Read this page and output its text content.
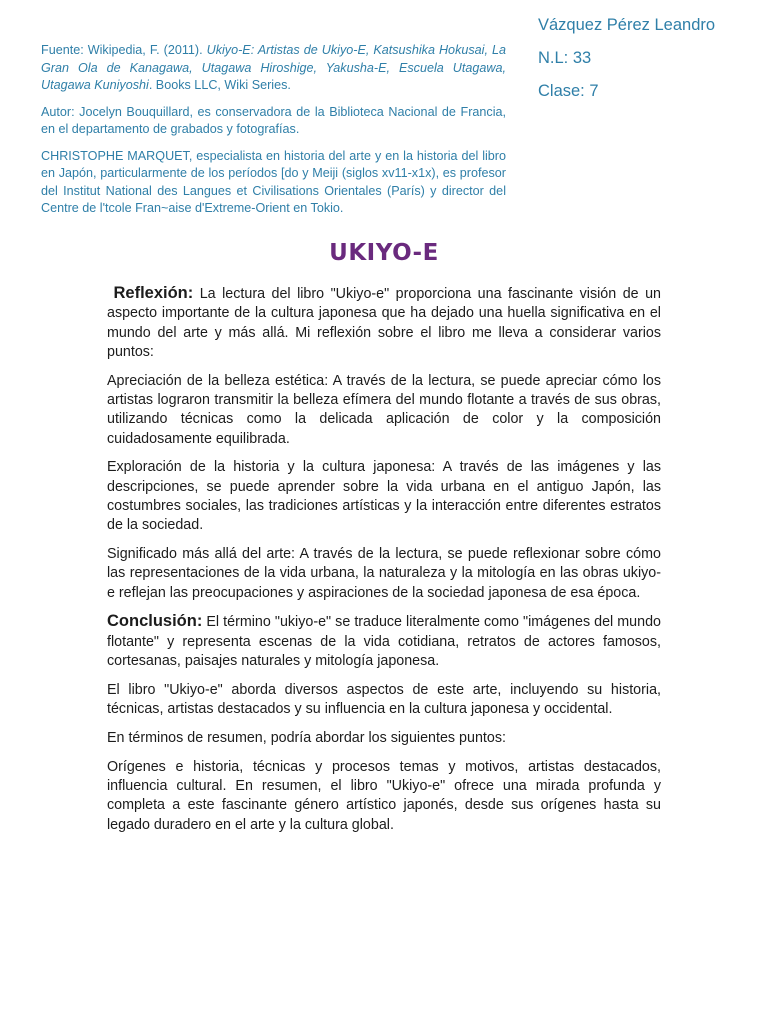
Fuente: Wikipedia, F. (2011). Ukiyo-E: Artistas de Ukiyo-E, Katsushika Hokusai, La Gran Ola de Kanagawa, Utagawa Hiroshige, Yakusha-E, Escuela Utagawa, Utagawa Kuniyoshi. Books LLC, Wiki Series.

Autor: Jocelyn Bouquillard, es conservadora de la Biblioteca Nacional de Francia, en el departamento de grabados y fotografías.

CHRISTOPHE MARQUET, especialista en historia del arte y en la historia del libro en Japón, particularmente de los períodos [do y Meiji (siglos xv11-x1x), es profesor del Institut National des Langues et Civilisations Orientales (París) y director del Centre de l'tcole Fran~aise d'Extreme-Orient en Tokio.

Vázquez Pérez Leandro
N.L: 33
Clase: 7
UKIYO-E

Reflexión: La lectura del libro "Ukiyo-e" proporciona una fascinante visión de un aspecto importante de la cultura japonesa que ha dejado una huella significativa en el mundo del arte y más allá. Mi reflexión sobre el libro me lleva a considerar varios puntos:

Apreciación de la belleza estética: A través de la lectura, se puede apreciar cómo los artistas lograron transmitir la belleza efímera del mundo flotante a través de sus obras, utilizando técnicas como la delicada aplicación de color y la composición cuidadosamente equilibrada.

Exploración de la historia y la cultura japonesa: A través de las imágenes y las descripciones, se puede aprender sobre la vida urbana en el antiguo Japón, las costumbres sociales, las tradiciones artísticas y la interacción entre diferentes estratos de la sociedad.

Significado más allá del arte: A través de la lectura, se puede reflexionar sobre cómo las representaciones de la vida urbana, la naturaleza y la mitología en las obras ukiyo-e reflejan las preocupaciones y aspiraciones de la sociedad japonesa de esa época.

Conclusión: El término "ukiyo-e" se traduce literalmente como "imágenes del mundo flotante" y representa escenas de la vida cotidiana, retratos de actores famosos, cortesanas, paisajes naturales y mitología japonesa.

El libro "Ukiyo-e" aborda diversos aspectos de este arte, incluyendo su historia, técnicas, artistas destacados y su influencia en la cultura japonesa y occidental.

En términos de resumen, podría abordar los siguientes puntos:

Orígenes e historia, técnicas y procesos temas y motivos, artistas destacados, influencia cultural. En resumen, el libro "Ukiyo-e" ofrece una mirada profunda y completa a este fascinante género artístico japonés, desde sus orígenes hasta su legado duradero en el arte y la cultura global.
